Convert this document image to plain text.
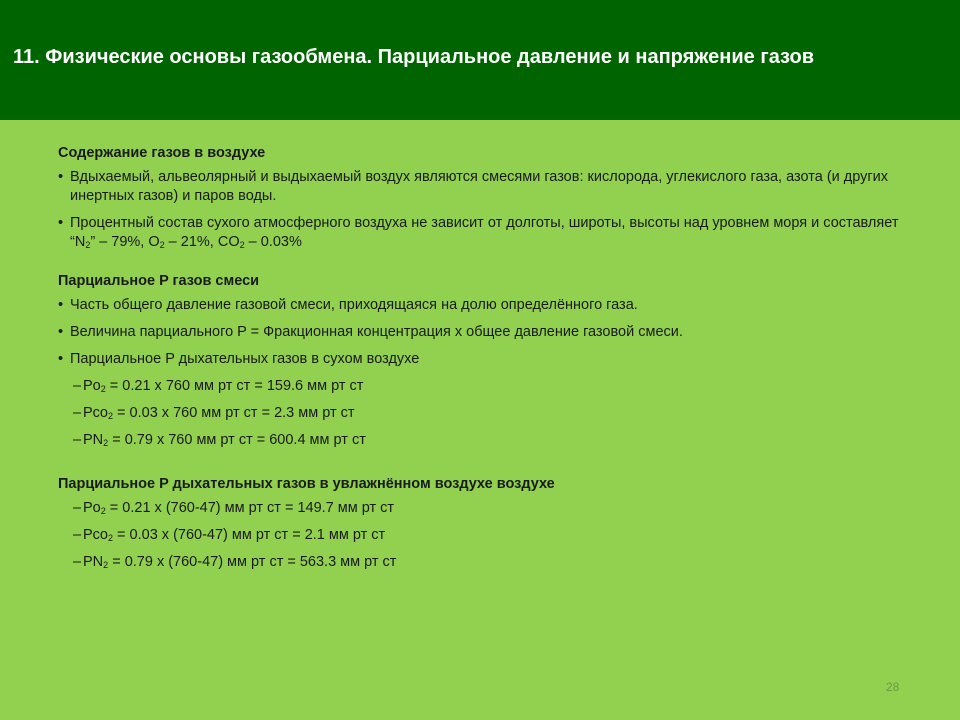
11. Физические основы газообмена. Парциальное давление и напряжение газов
Содержание газов в воздухе
• Вдыхаемый, альвеолярный и выдыхаемый воздух являются смесями газов: кислорода, углекислого газа, азота (и других инертных газов) и паров воды.
• Процентный состав сухого атмосферного воздуха не зависит от долготы, широты, высоты над уровнем моря и составляет “$N_2$” – 79%, $O_2 - 21\%$, $CO_2 - 0.03\%$
Парциальное P газов смеси
• Часть общего давление газовой смеси, приходящаяся на долю определённого газа.
• Величина парциального P = Фракционная концентрация х общее давление газовой смеси.
• Парциальное P дыхательных газов в сухом воздухе
– $Po_2 = 0.21$ x 760 мм рт ст = 159.6 мм рт ст
– Pco$_2$ = 0.03 x 760 мм рт ст = 2.3 мм рт ст
– $PN_2 = 0.79$ x 760 мм рт ст = 600.4 мм рт ст
Парциальное P дыхательных газов в увлажнённом воздухе воздухе
– $Po_2 = 0.21$ x (760-47) мм рт ст = 149.7 мм рт ст
– Pco$_2$ = 0.03 x (760-47) мм рт ст = 2.1 мм рт ст
– $PN_2 = 0.79$ x (760-47) мм рт ст = 563.3 мм рт ст
28
